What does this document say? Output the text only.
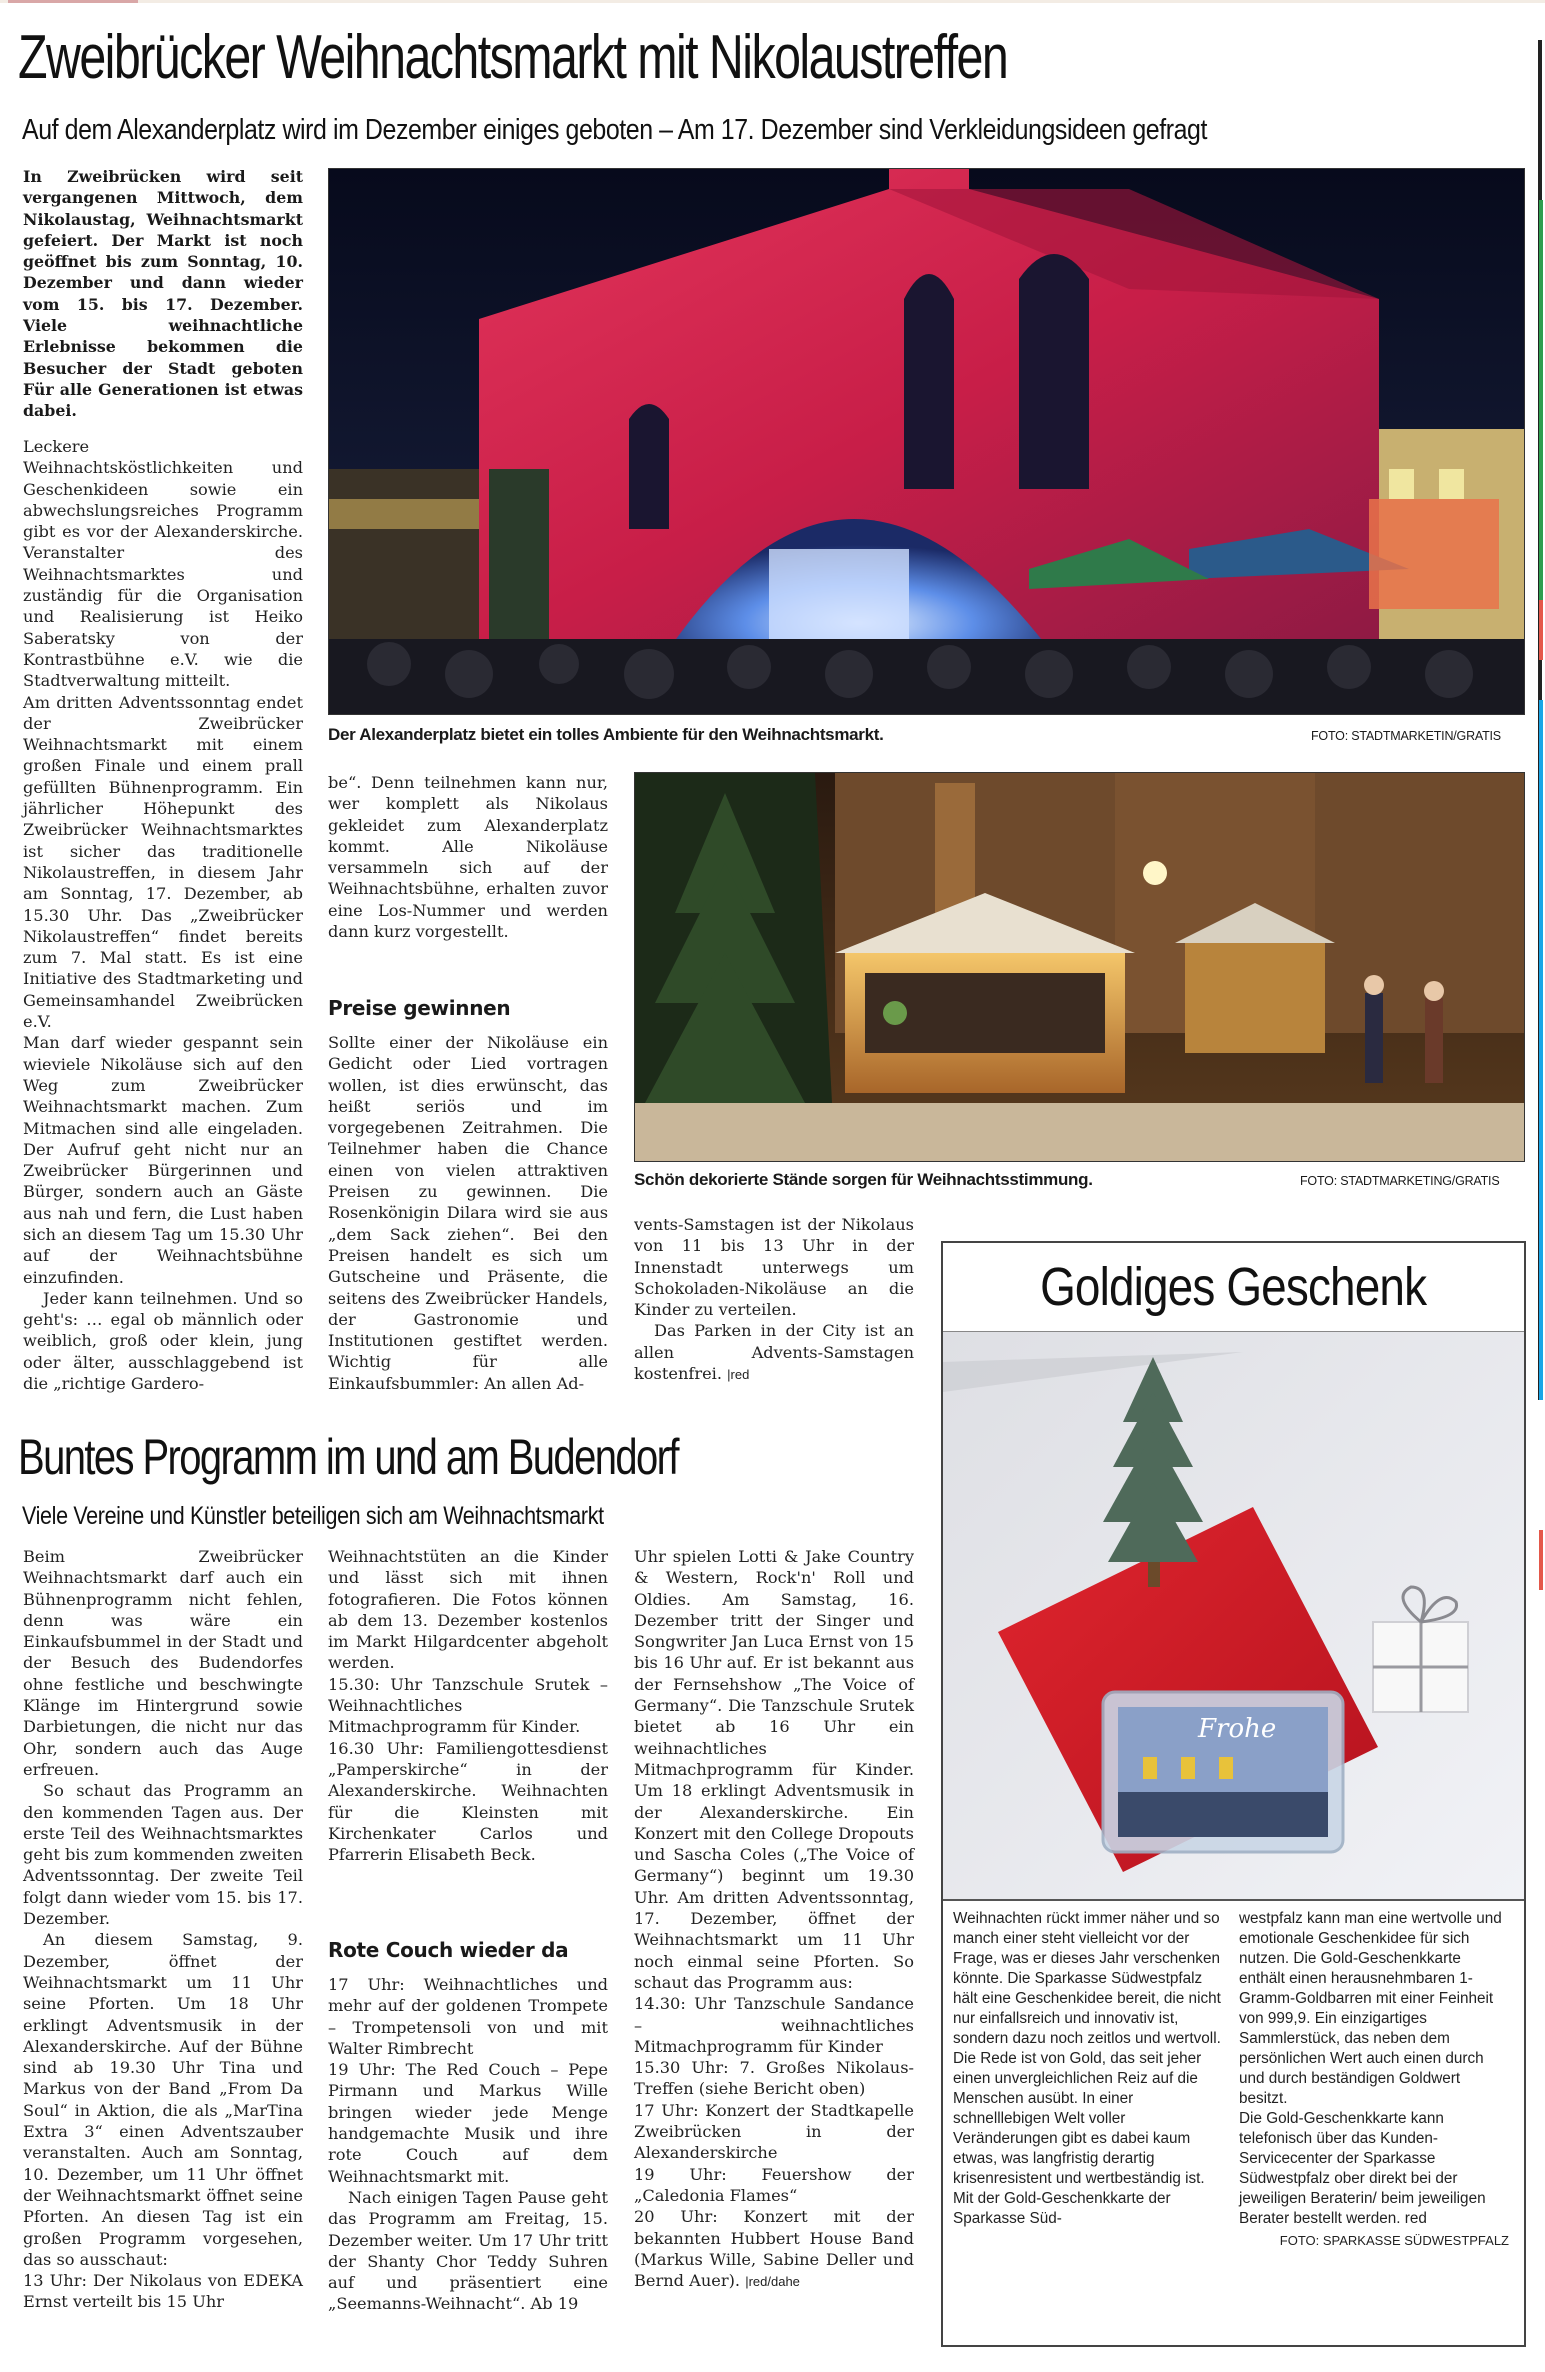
Zweibrücker Weihnachtsmarkt mit Nikolaustreffen
Auf dem Alexanderplatz wird im Dezember einiges geboten – Am 17. Dezember sind Verkleidungsideen gefragt
In Zweibrücken wird seit vergangenen Mittwoch, dem Nikolaustag, Weihnachtsmarkt gefeiert. Der Markt ist noch geöffnet bis zum Sonntag, 10. Dezember und dann wieder vom 15. bis 17. Dezember. Viele weihnachtliche Erlebnisse bekommen die Besucher der Stadt geboten Für alle Generationen ist etwas dabei.

Leckere Weihnachtsköstlichkeiten und Geschenkideen sowie ein abwechslungsreiches Programm gibt es vor der Alexanderskirche. Veranstalter des Weihnachtsmarktes und zuständig für die Organisation und Realisierung ist Heiko Saberatsky von der Kontrastbühne e.V. wie die Stadtverwaltung mitteilt.

Am dritten Adventssonntag endet der Zweibrücker Weihnachtsmarkt mit einem großen Finale und einem prall gefüllten Bühnenprogramm. Ein jährlicher Höhepunkt des Zweibrücker Weihnachtsmarktes ist sicher das traditionelle Nikolaustreffen, in diesem Jahr am Sonntag, 17. Dezember, ab 15.30 Uhr. Das „Zweibrücker Nikolaustreffen“ findet bereits zum 7. Mal statt. Es ist eine Initiative des Stadtmarketing und Gemeinsamhandel Zweibrücken e.V.

Man darf wieder gespannt sein wieviele Nikoläuse sich auf den Weg zum Zweibrücker Weihnachtsmarkt machen. Zum Mitmachen sind alle eingeladen. Der Aufruf geht nicht nur an Zweibrücker Bürgerinnen und Bürger, sondern auch an Gäste aus nah und fern, die Lust haben sich an diesem Tag um 15.30 Uhr auf der Weihnachtsbühne einzufinden.

Jeder kann teilnehmen. Und so geht's: … egal ob männlich oder weiblich, groß oder klein, jung oder älter, ausschlaggebend ist die „richtige Gardero-

Der Alexanderplatz bietet ein tolles Ambiente für den Weihnachtsmarkt.	FOTO: STADTMARKETIN/GRATIS

be“. Denn teilnehmen kann nur, wer komplett als Nikolaus gekleidet zum Alexanderplatz kommt. Alle Nikoläuse versammeln sich auf der Weihnachtsbühne, erhalten zuvor eine Los-Nummer und werden dann kurz vorgestellt.

Preise gewinnen

Sollte einer der Nikoläuse ein Gedicht oder Lied vortragen wollen, ist dies erwünscht, das heißt seriös und im vorgegebenen Zeitrahmen. Die Teilnehmer haben die Chance einen von vielen attraktiven Preisen zu gewinnen. Die Rosenkönigin Dilara wird sie aus „dem Sack ziehen“. Bei den Preisen handelt es sich um Gutscheine und Präsente, die seitens des Zweibrücker Handels, der Gastronomie und Institutionen gestiftet werden. Wichtig für alle Einkaufsbummler: An allen Ad-

Schön dekorierte Stände sorgen für Weihnachtsstimmung.	FOTO: STADTMARKETING/GRATIS

vents-Samstagen ist der Nikolaus von 11 bis 13 Uhr in der Innenstadt unterwegs um Schokoladen-Nikoläuse an die Kinder zu verteilen.

Das Parken in der City ist an allen Advents-Samstagen kostenfrei. |red

Buntes Programm im und am Budendorf
Viele Vereine und Künstler beteiligen sich am Weihnachtsmarkt

Beim Zweibrücker Weihnachtsmarkt darf auch ein Bühnenprogramm nicht fehlen, denn was wäre ein Einkaufsbummel in der Stadt und der Besuch des Budendorfes ohne festliche und beschwingte Klänge im Hintergrund sowie Darbietungen, die nicht nur das Ohr, sondern auch das Auge erfreuen.

So schaut das Programm an den kommenden Tagen aus. Der erste Teil des Weihnachtsmarktes geht bis zum kommenden zweiten Adventssonntag. Der zweite Teil folgt dann wieder vom 15. bis 17. Dezember.

An diesem Samstag, 9. Dezember, öffnet der Weihnachtsmarkt um 11 Uhr seine Pforten. Um 18 Uhr erklingt Adventsmusik in der Alexanderskirche. Auf der Bühne sind ab 19.30 Uhr Tina und Markus von der Band „From Da Soul“ in Aktion, die als „MarTina Extra 3“ einen Adventszauber veranstalten. Auch am Sonntag, 10. Dezember, um 11 Uhr öffnet der Weihnachtsmarkt öffnet seine Pforten. An diesen Tag ist ein großen Programm vorgesehen, das so ausschaut:

13 Uhr: Der Nikolaus von EDEKA Ernst verteilt bis 15 Uhr

Weihnachtstüten an die Kinder und lässt sich mit ihnen fotografieren. Die Fotos können ab dem 13. Dezember kostenlos im Markt Hilgardcenter abgeholt werden.

15.30: Uhr Tanzschule Srutek – Weihnachtliches Mitmachprogramm für Kinder.

16.30 Uhr: Familiengottesdienst „Pamperskirche“ in der Alexanderskirche. Weihnachten für die Kleinsten mit Kirchenkater Carlos und Pfarrerin Elisabeth Beck.

Rote Couch wieder da

17 Uhr: Weihnachtliches und mehr auf der goldenen Trompete – Trompetensoli von und mit Walter Rimbrecht

19 Uhr: The Red Couch – Pepe Pirmann und Markus Wille bringen wieder jede Menge handgemachte Musik und ihre rote Couch auf dem Weihnachtsmarkt mit.

Nach einigen Tagen Pause geht das Programm am Freitag, 15. Dezember weiter. Um 17 Uhr tritt der Shanty Chor Teddy Suhren auf und präsentiert eine „Seemanns-Weihnacht“. Ab 19

Uhr spielen Lotti & Jake Country & Western, Rock'n' Roll und Oldies. Am Samstag, 16. Dezember tritt der Singer und Songwriter Jan Luca Ernst von 15 bis 16 Uhr auf. Er ist bekannt aus der Fernsehshow „The Voice of Germany“. Die Tanzschule Srutek bietet ab 16 Uhr ein weihnachtliches Mitmachprogramm für Kinder. Um 18 erklingt Adventsmusik in der Alexanderskirche. Ein Konzert mit den College Dropouts und Sascha Coles („The Voice of Germany“) beginnt um 19.30 Uhr. Am dritten Adventssonntag, 17. Dezember, öffnet der Weihnachtsmarkt um 11 Uhr noch einmal seine Pforten. So schaut das Programm aus:

14.30: Uhr Tanzschule Sandance – weihnachtliches Mitmachprogramm für Kinder

15.30 Uhr: 7. Großes Nikolaus-Treffen (siehe Bericht oben)

17 Uhr: Konzert der Stadtkapelle Zweibrücken in der Alexanderskirche

19 Uhr: Feuershow der „Caledonia Flames“

20 Uhr: Konzert mit der bekannten Hubbert House Band (Markus Wille, Sabine Deller und Bernd Auer). |red/dahe

Goldiges Geschenk
Frohe

Weihnachten rückt immer näher und so manch einer steht vielleicht vor der Frage, was er dieses Jahr verschenken könnte. Die Sparkasse Südwestpfalz hält eine Geschenkidee bereit, die nicht nur einfallsreich und innovativ ist, sondern dazu noch zeitlos und wertvoll.

Die Rede ist von Gold, das seit jeher einen unvergleichlichen Reiz auf die Menschen ausübt. In einer schnelllebigen Welt voller Veränderungen gibt es dabei kaum etwas, was langfristig derartig krisenresistent und wertbeständig ist. Mit der Gold-Geschenkkarte der Sparkasse Süd-

westpfalz kann man eine wertvolle und emotionale Geschenkidee für sich nutzen. Die Gold-Geschenkkarte enthält einen herausnehmbaren 1-Gramm-Goldbarren mit einer Feinheit von 999,9. Ein einzigartiges Sammlerstück, das neben dem persönlichen Wert auch einen durch und durch beständigen Goldwert besitzt.

Die Gold-Geschenkkarte kann telefonisch über das Kunden-Servicecenter der Sparkasse Südwestpfalz ober direkt bei der jeweiligen Beraterin/ beim jeweiligen Berater bestellt werden. red

FOTO: SPARKASSE SÜDWESTPFALZ
